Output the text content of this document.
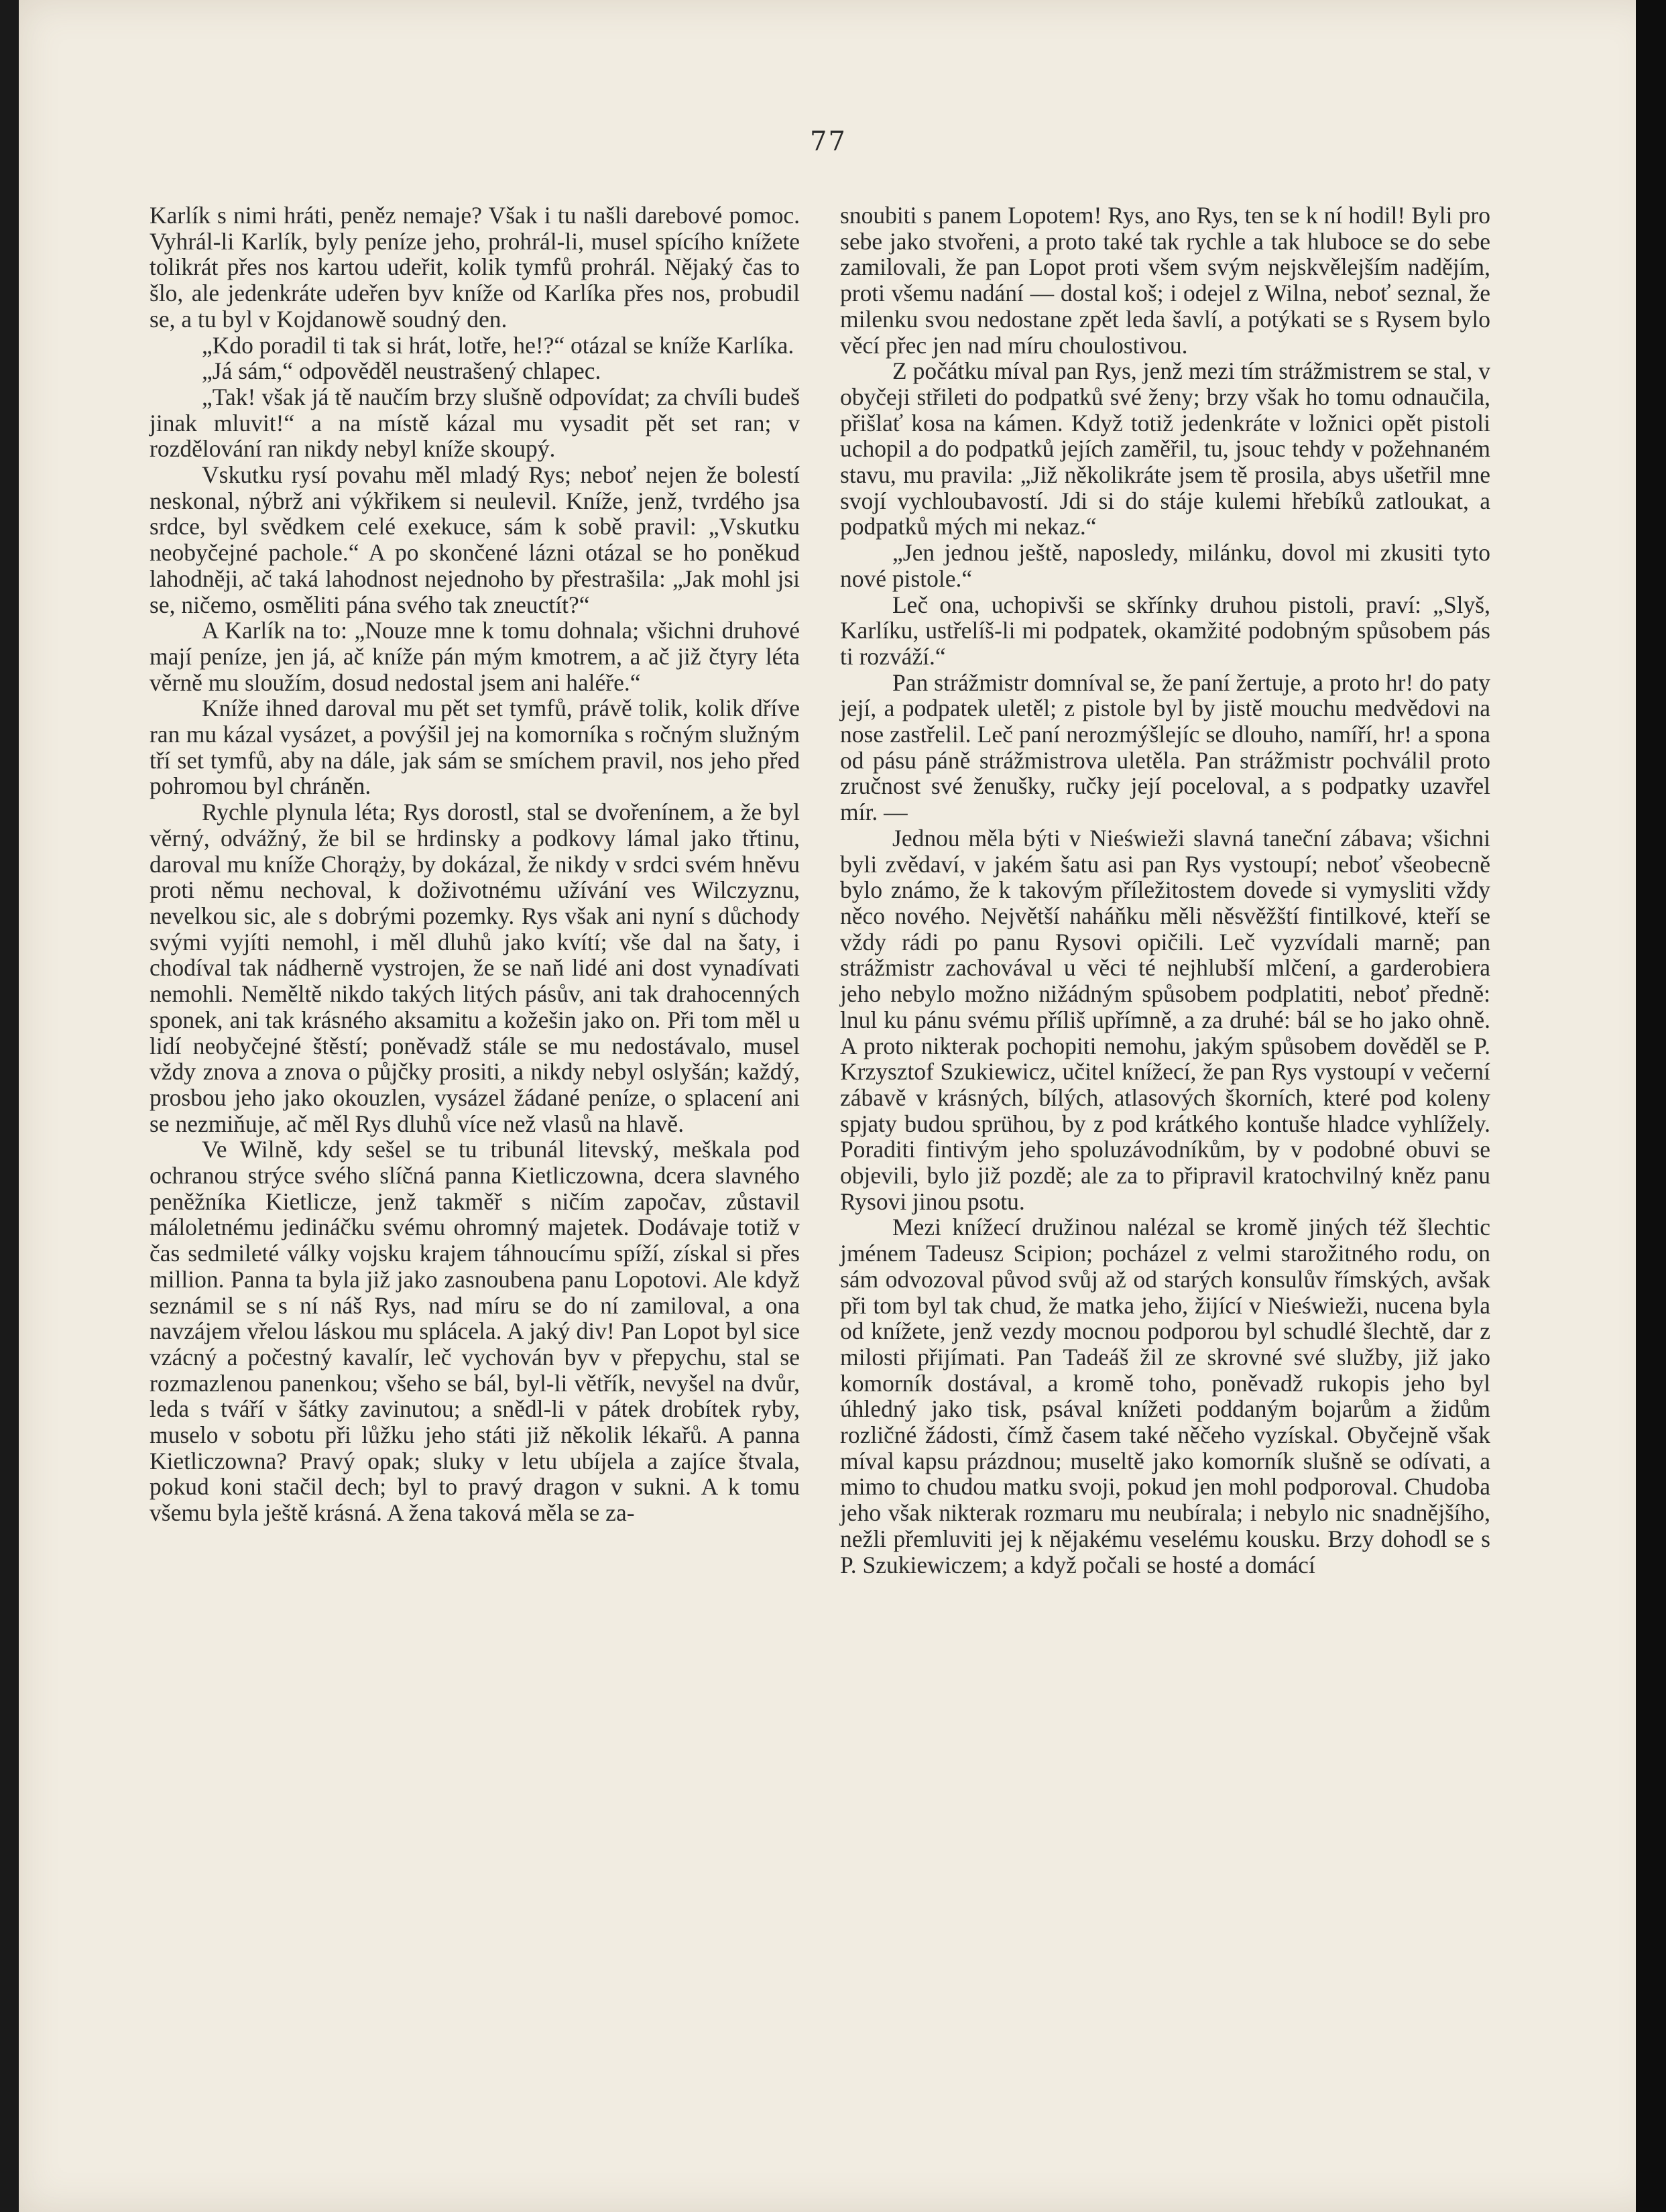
77

Karlík s nimi hráti, peněz nemaje? Však i tu našli darebové pomoc. Vyhrál-li Karlík, byly peníze jeho, prohrál-li, musel spícího knížete tolikrát přes nos kartou udeřit, kolik tymfů prohrál. Nějaký čas to šlo, ale jedenkráte udeřen byv kníže od Karlíka přes nos, probudil se, a tu byl v Kojdanowě soudný den.

„Kdo poradil ti tak si hrát, lotře, he!?“ otázal se kníže Karlíka.

„Já sám,“ odpověděl neustrašený chlapec.

„Tak! však já tě naučím brzy slušně odpovídat; za chvíli budeš jinak mluvit!“ a na místě kázal mu vysadit pět set ran; v rozdělování ran nikdy nebyl kníže skoupý.

Vskutku rysí povahu měl mladý Rys; neboť nejen že bolestí neskonal, nýbrž ani výkřikem si neulevil. Kníže, jenž, tvrdého jsa srdce, byl svědkem celé exekuce, sám k sobě pravil: „Vskutku neobyčejné pachole.“ A po skončené lázni otázal se ho poněkud lahodněji, ač taká lahodnost nejednoho by přestrašila: „Jak mohl jsi se, ničemo, osměliti pána svého tak zneuctít?“

A Karlík na to: „Nouze mne k tomu dohnala; všichni druhové mají peníze, jen já, ač kníže pán mým kmotrem, a ač již čtyry léta věrně mu sloužím, dosud nedostal jsem ani haléře.“

Kníže ihned daroval mu pět set tymfů, právě tolik, kolik dříve ran mu kázal vysázet, a povýšil jej na komorníka s ročným služným tří set tymfů, aby na dále, jak sám se smíchem pravil, nos jeho před pohromou byl chráněn.

Rychle plynula léta; Rys dorostl, stal se dvořenínem, a že byl věrný, odvážný, že bil se hrdinsky a podkovy lámal jako třtinu, daroval mu kníže Chorąży, by dokázal, že nikdy v srdci svém hněvu proti němu nechoval, k doživotnému užívání ves Wilczyznu, nevelkou sic, ale s dobrými pozemky. Rys však ani nyní s důchody svými vyjíti nemohl, i měl dluhů jako kvítí; vše dal na šaty, i chodíval tak nádherně vystrojen, že se naň lidé ani dost vynadívati nemohli. Neměltě nikdo takých litých pásův, ani tak drahocenných sponek, ani tak krásného aksamitu a kožešin jako on. Při tom měl u lidí neobyčejné štěstí; poněvadž stále se mu nedostávalo, musel vždy znova a znova o půjčky prositi, a nikdy nebyl oslyšán; každý, prosbou jeho jako okouzlen, vysázel žádané peníze, o splacení ani se nezmiňuje, ač měl Rys dluhů více než vlasů na hlavě.

Ve Wilně, kdy sešel se tu tribunál litevský, meškala pod ochranou strýce svého slíčná panna Kietliczowna, dcera slavného peněžníka Kietlicze, jenž takměř s ničím započav, zůstavil máloletnému jedináčku svému ohromný majetek. Dodávaje totiž v čas sedmileté války vojsku krajem táhnoucímu spíží, získal si přes million. Panna ta byla již jako zasnoubena panu Lopotovi. Ale když seznámil se s ní náš Rys, nad míru se do ní zamiloval, a ona navzájem vřelou láskou mu splácela. A jaký div! Pan Lopot byl sice vzácný a počestný kavalír, leč vychován byv v přepychu, stal se rozmazlenou panenkou; všeho se bál, byl-li větřík, nevyšel na dvůr, leda s tváří v šátky zavinutou; a snědl-li v pátek drobítek ryby, muselo v sobotu při lůžku jeho státi již několik lékařů. A panna Kietliczowna? Pravý opak; sluky v letu ubíjela a zajíce štvala, pokud koni stačil dech; byl to pravý dragon v sukni. A k tomu všemu byla ještě krásná. A žena taková měla se za-

snoubiti s panem Lopotem! Rys, ano Rys, ten se k ní hodil! Byli pro sebe jako stvořeni, a proto také tak rychle a tak hluboce se do sebe zamilovali, že pan Lopot proti všem svým nejskvělejším nadějím, proti všemu nadání — dostal koš; i odejel z Wilna, neboť seznal, že milenku svou nedostane zpět leda šavlí, a potýkati se s Rysem bylo věcí přec jen nad míru choulostivou.

Z počátku míval pan Rys, jenž mezi tím strážmistrem se stal, v obyčeji střileti do podpatků své ženy; brzy však ho tomu odnaučila, přišlať kosa na kámen. Když totiž jedenkráte v ložnici opět pistoli uchopil a do podpatků jejích zaměřil, tu, jsouc tehdy v požehnaném stavu, mu pravila: „Již několikráte jsem tě prosila, abys ušetřil mne svojí vychloubavostí. Jdi si do stáje kulemi hřebíků zatloukat, a podpatků mých mi nekaz.“

„Jen jednou ještě, naposledy, milánku, dovol mi zkusiti tyto nové pistole.“

Leč ona, uchopivši se skřínky druhou pistoli, praví: „Slyš, Karlíku, ustřelíš-li mi podpatek, okamžité podobným spůsobem pás ti rozváží.“

Pan strážmistr domníval se, že paní žertuje, a proto hr! do paty její, a podpatek uletěl; z pistole byl by jistě mouchu medvědovi na nose zastřelil. Leč paní nerozmýšlejíc se dlouho, namíří, hr! a spona od pásu páně strážmistrova uletěla. Pan strážmistr pochválil proto zručnost své ženušky, ručky její poceloval, a s podpatky uzavřel mír. —

Jednou měla býti v Nieświeži slavná taneční zábava; všichni byli zvědaví, v jakém šatu asi pan Rys vystoupí; neboť všeobecně bylo známo, že k takovým příležitostem dovede si vymysliti vždy něco nového. Největší naháňku měli něsvěžští fintilkové, kteří se vždy rádi po panu Rysovi opičili. Leč vyzvídali marně; pan strážmistr zachovával u věci té nejhlubší mlčení, a garderobiera jeho nebylo možno nižádným spůsobem podplatiti, neboť předně: lnul ku pánu svému příliš upřímně, a za druhé: bál se ho jako ohně. A proto nikterak pochopiti nemohu, jakým spůsobem dověděl se P. Krzysztof Szukiewicz, učitel knížecí, že pan Rys vystoupí v večerní zábavě v krásných, bílých, atlasových škorních, které pod koleny spjaty budou sprühou, by z pod krátkého kontuše hladce vyhlížely. Poraditi fintivým jeho spoluzávodníkům, by v podobné obuvi se objevili, bylo již pozdě; ale za to připravil kratochvilný kněz panu Rysovi jinou psotu.

Mezi knížecí družinou nalézal se kromě jiných též šlechtic jménem Tadeusz Scipion; pocházel z velmi starožitného rodu, on sám odvozoval původ svůj až od starých konsulův římských, avšak při tom byl tak chud, že matka jeho, žijící v Nieświeži, nucena byla od knížete, jenž vezdy mocnou podporou byl schudlé šlechtě, dar z milosti přijímati. Pan Tadeáš žil ze skrovné své služby, již jako komorník dostával, a kromě toho, poněvadž rukopis jeho byl úhledný jako tisk, psával knížeti poddaným bojarům a židům rozličné žádosti, čímž časem také něčeho vyzískal. Obyčejně však míval kapsu prázdnou; museltě jako komorník slušně se odívati, a mimo to chudou matku svoji, pokud jen mohl podporoval. Chudoba jeho však nikterak rozmaru mu neubírala; i nebylo nic snadnějšího, nežli přemluviti jej k nějakému veselému kousku. Brzy dohodl se s P. Szukiewiczem; a když počali se hosté a domácí
